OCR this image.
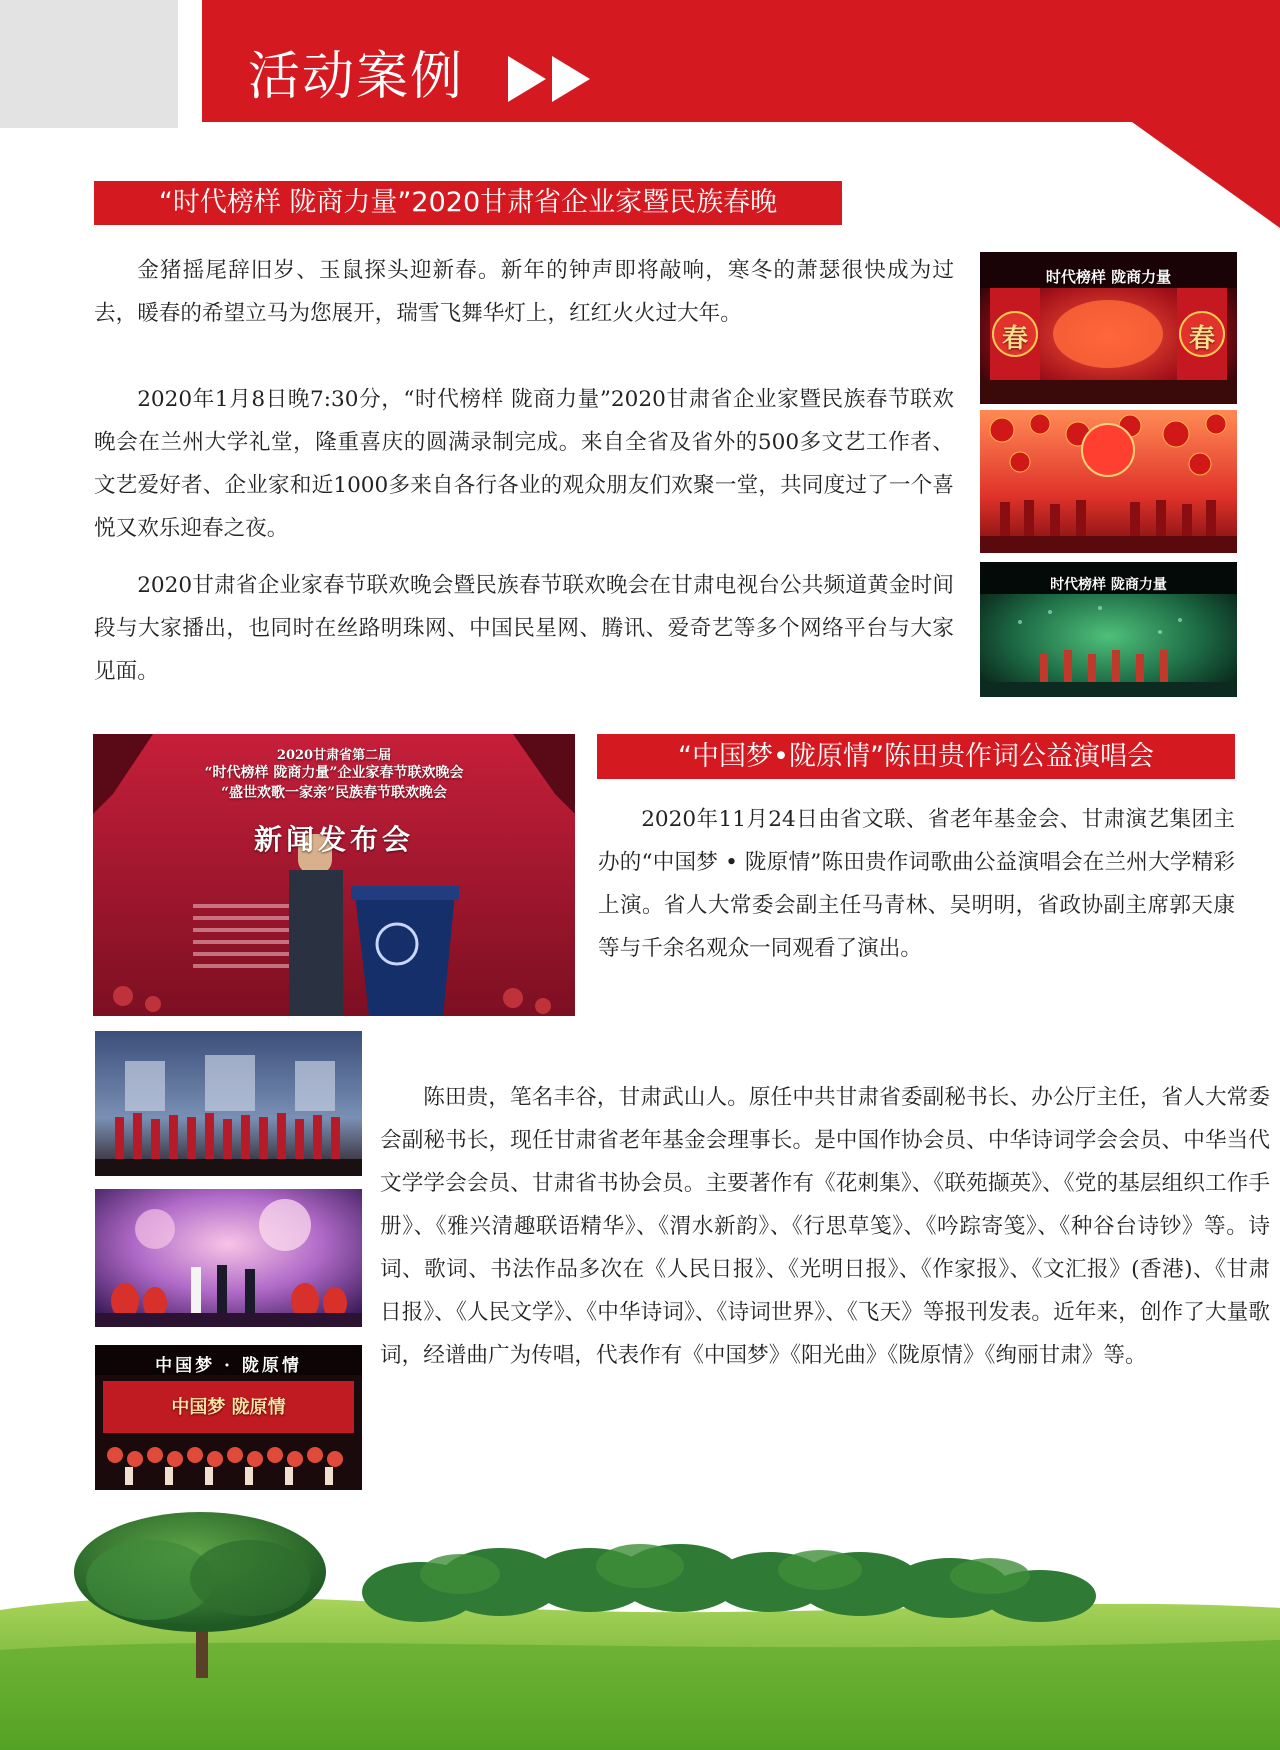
活动案例
“时代榜样 陇商力量”2020甘肃省企业家暨民族春晚

金猪摇尾辞旧岁、玉鼠探头迎新春。新年的钟声即将敲响，寒冬的萧瑟很快成为过去，暖春的希望立马为您展开，瑞雪飞舞华灯上，红红火火过大年。

2020年1月8日晚7:30分，“时代榜样 陇商力量”2020甘肃省企业家暨民族春节联欢晚会在兰州大学礼堂，隆重喜庆的圆满录制完成。来自全省及省外的500多文艺工作者、文艺爱好者、企业家和近1000多来自各行各业的观众朋友们欢聚一堂，共同度过了一个喜悦又欢乐迎春之夜。

2020甘肃省企业家春节联欢晚会暨民族春节联欢晚会在甘肃电视台公共频道黄金时间段与大家播出，也同时在丝路明珠网、中国民星网、腾讯、爱奇艺等多个网络平台与大家见面。

时代榜样 陇商力量
春	春
时代榜样 陇商力量
2020甘肃省第二届
“时代榜样 陇商力量”企业家春节联欢晚会
“盛世欢歌一家亲”民族春节联欢晚会
新闻发布会
“中国梦•陇原情”陈田贵作词公益演唱会

2020年11月24日由省文联、省老年基金会、甘肃演艺集团主办的“中国梦 • 陇原情”陈田贵作词歌曲公益演唱会在兰州大学精彩上演。省人大常委会副主任马青林、吴明明，省政协副主席郭天康等与千余名观众一同观看了演出。

陈田贵，笔名丰谷，甘肃武山人。原任中共甘肃省委副秘书长、办公厅主任，省人大常委会副秘书长，现任甘肃省老年基金会理事长。是中国作协会员、中华诗词学会会员、中华当代文学学会会员、甘肃省书协会员。主要著作有《花刺集》、《联苑撷英》、《党的基层组织工作手册》、《雅兴清趣联语精华》、《渭水新韵》、《行思草笺》、《吟踪寄笺》、《种谷台诗钞》等。诗词、歌词、书法作品多次在《人民日报》、《光明日报》、《作家报》、《文汇报》(香港)、《甘肃日报》、《人民文学》、《中华诗词》、《诗词世界》、《飞天》等报刊发表。近年来，创作了大量歌词，经谱曲广为传唱，代表作有《中国梦》《阳光曲》《陇原情》《绚丽甘肃》等。

中国梦 · 陇原情
中国梦 陇原情
